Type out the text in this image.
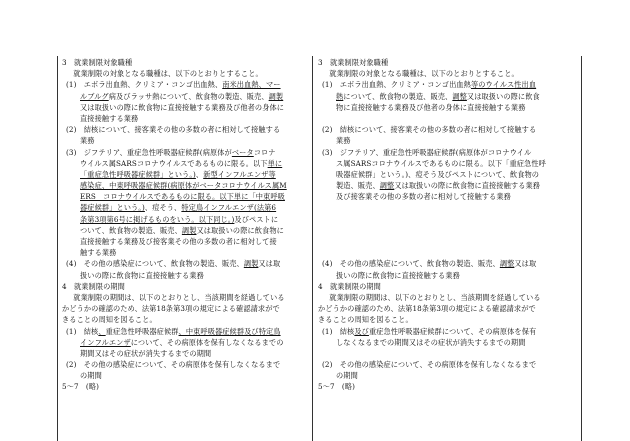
3　就業制限対象職種

　就業制限の対象となる職種は、以下のとおりとすること。

(1)　エボラ出血熱、クリミア・コンゴ出血熱、南米出血熱、マー

ルブルグ病及びラッサ熱について、飲食物の製造、販売、調製

又は取扱いの際に飲食物に直接接触する業務及び他者の身体に

直接接触する業務

(2)　結核について、接客業その他の多数の者に相対して接触する

業務

(3)　ジフテリア、重症急性呼吸器症候群(病原体がベータコロナ

ウイルス属SARSコロナウイルスであるものに限る。以下単に

「重症急性呼吸器症候群」という。)、新型インフルエンザ等

感染症、中東呼吸器症候群(病原体がベータコロナウイルス属M

ERS　コロナウイルスであるものに限る。以下単に「中東呼吸

器症候群」という。)、痘そう、特定鳥インフルエンザ(法第6

条第3項第6号に掲げるものをいう。以下同じ。)及びペストに

ついて、飲食物の製造、販売、調製又は取扱いの際に飲食物に

直接接触する業務及び接客業その他の多数の者に相対して接

触する業務

(4)　その他の感染症について、飲食物の製造、販売、調製又は取

扱いの際に飲食物に直接接触する業務

4　就業制限の期間

　就業制限の期間は、以下のとおりとし、当該期間を経過している

かどうかの確認のため、法第18条第3項の規定による確認請求がで

きることの周知を図ること。

(1)　結核、重症急性呼吸器症候群、中東呼吸器症候群及び特定鳥

インフルエンザについて、その病原体を保有しなくなるまでの

期間又はその症状が消失するまでの期間

(2)　その他の感染症について、その病原体を保有しなくなるまで

の期間

5～7　(略)

3　就業制限対象職種

　就業制限の対象となる職種は、以下のとおりとすること。

(1)　エボラ出血熱、クリミア・コンゴ出血熱等のウイルス性出血

熱について、飲食物の製造、販売、調整又は取扱いの際に飲食

物に直接接触する業務及び他者の身体に直接接触する業務

(2)　結核について、接客業その他の多数の者に相対して接触する

業務

(3)　ジフテリア、重症急性呼吸器症候群(病原体がコロナウイル

ス属SARSコロナウイルスであるものに限る。以下「重症急性呼

吸器症候群」という。)、痘そう及びペストについて、飲食物の

製造、販売、調整又は取扱いの際に飲食物に直接接触する業務

及び接客業その他の多数の者に相対して接触する業務

(4)　その他の感染症について、飲食物の製造、販売、調整又は取

扱いの際に飲食物に直接接触する業務

4　就業制限の期間

　就業制限の期間は、以下のとおりとし、当該期間を経過している

かどうかの確認のため、法第18条第3項の規定による確認請求がで

きることの周知を図ること。

(1)　結核及び重症急性呼吸器症候群について、その病原体を保有

しなくなるまでの期間又はその症状が消失するまでの期間

(2)　その他の感染症について、その病原体を保有しなくなるまで

の期間

5～7　(略)
